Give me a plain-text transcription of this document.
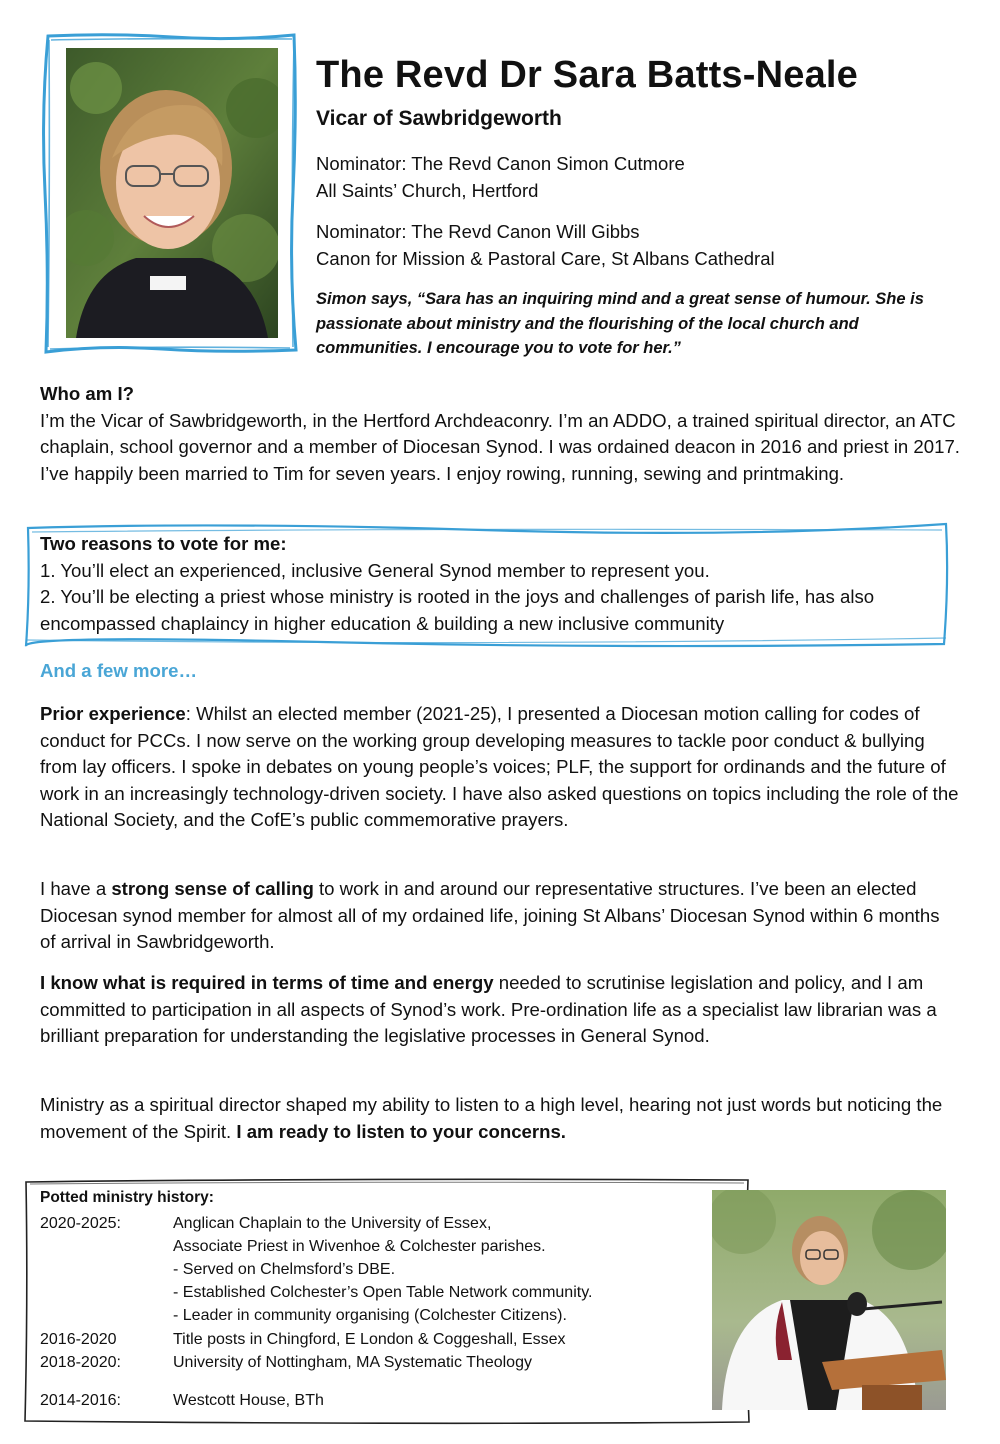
The Revd Dr Sara Batts-Neale
Vicar of Sawbridgeworth
Nominator: The Revd Canon Simon Cutmore
All Saints’ Church, Hertford
Nominator: The Revd Canon Will Gibbs
Canon for Mission & Pastoral Care, St Albans Cathedral
Simon says, “Sara has an inquiring mind and a great sense of humour. She is passionate about ministry and the flourishing of the local church and communities. I encourage you to vote for her.”
Who am I?
I’m the Vicar of Sawbridgeworth, in the Hertford Archdeaconry. I’m an ADDO, a trained spiritual director, an ATC chaplain, school governor and a member of Diocesan Synod. I was ordained deacon in 2016 and priest in 2017. I’ve happily been married to Tim for seven years. I enjoy rowing, running, sewing and printmaking.
Two reasons to vote for me:
1. You’ll elect an experienced, inclusive General Synod member to represent you.
2. You’ll be electing a priest whose ministry is rooted in the joys and challenges of parish life, has also encompassed chaplaincy in higher education & building a new inclusive community
And a few more…

Prior experience: Whilst an elected member (2021-25), I presented a Diocesan motion calling for codes of conduct for PCCs. I now serve on the working group developing measures to tackle poor conduct & bullying from lay officers. I spoke in debates on young people’s voices; PLF, the support for ordinands and the future of work in an increasingly technology-driven society. I have also asked questions on topics including the role of the National Society, and the CofE’s public commemorative prayers.

I have a strong sense of calling to work in and around our representative structures. I’ve been an elected Diocesan synod member for almost all of my ordained life, joining St Albans’ Diocesan Synod within 6 months of arrival in Sawbridgeworth.

I know what is required in terms of time and energy needed to scrutinise legislation and policy, and I am committed to participation in all aspects of Synod’s work. Pre-ordination life as a specialist law librarian was a brilliant preparation for understanding the legislative processes in General Synod.

Ministry as a spiritual director shaped my ability to listen to a high level, hearing not just words but noticing the movement of the Spirit. I am ready to listen to your concerns.

Potted ministry history:
2020-2025:	Anglican Chaplain to the University of Essex,
Associate Priest in Wivenhoe & Colchester parishes.
- Served on Chelmsford’s DBE.
- Established Colchester’s Open Table Network community.
- Leader in community organising (Colchester Citizens).
2016-2020	Title posts in Chingford, E London & Coggeshall, Essex
2018-2020:	University of Nottingham, MA Systematic Theology
2014-2016:	Westcott House, BTh
